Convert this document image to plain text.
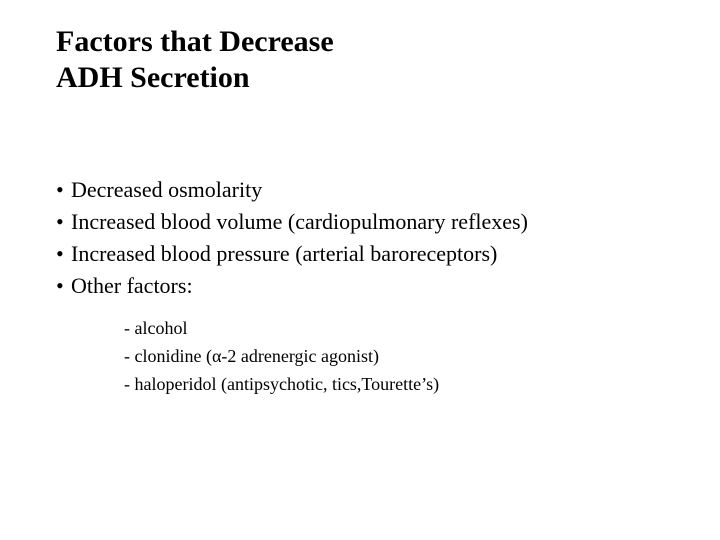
Factors that Decrease
ADH Secretion
• Decreased osmolarity
• Increased blood volume (cardiopulmonary reflexes)
• Increased blood pressure (arterial baroreceptors)
• Other factors:
- alcohol
- clonidine (α-2 adrenergic agonist)
- haloperidol (antipsychotic, tics,Tourette’s)
